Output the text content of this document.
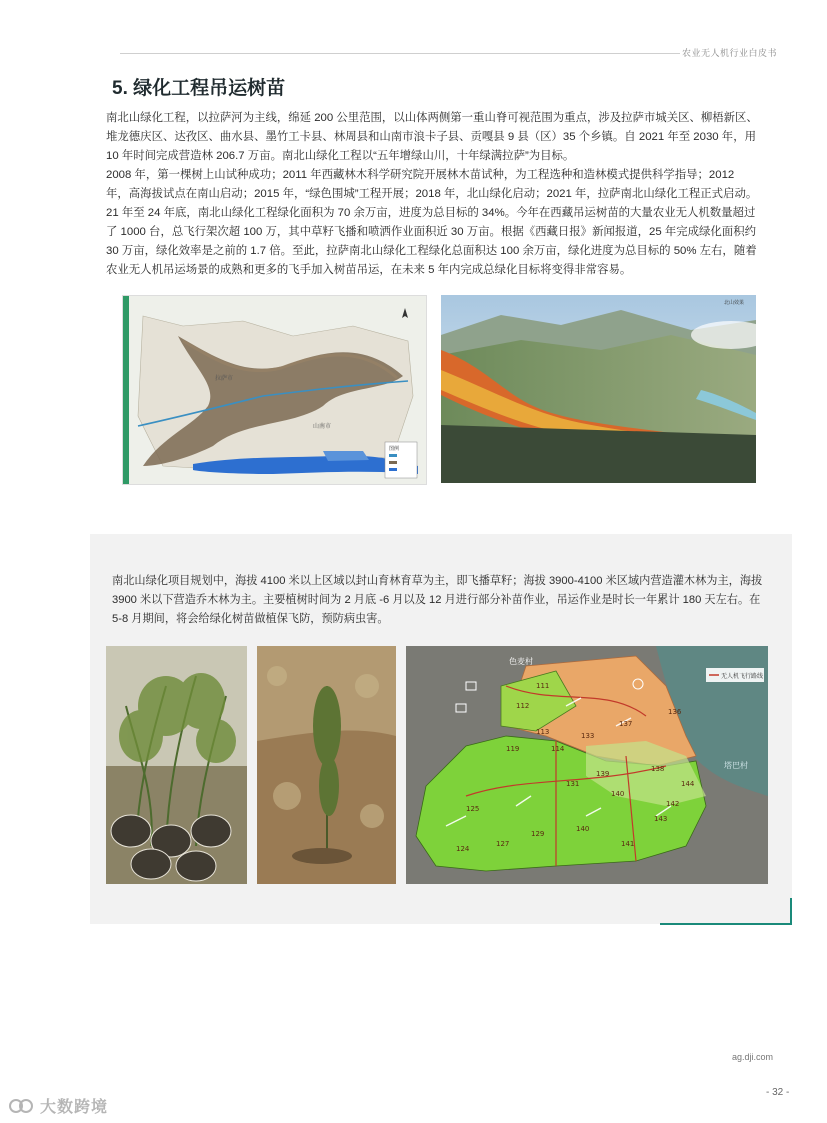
农业无人机行业白皮书
5. 绿化工程吊运树苗

南北山绿化工程，以拉萨河为主线，绵延 200 公里范围，以山体两侧第一重山脊可视范围为重点，涉及拉萨市城关区、柳梧新区、堆龙德庆区、达孜区、曲水县、墨竹工卡县、林周县和山南市浪卡子县、贡嘎县 9 县（区）35 个乡镇。自 2021 年至 2030 年，用 10 年时间完成营造林 206.7 万亩。南北山绿化工程以“五年增绿山川，十年绿满拉萨”为目标。

2008 年，第一棵树上山试种成功；2011 年西藏林木科学研究院开展林木苗试种，为工程选种和造林模式提供科学指导；2012 年，高海拔试点在南山启动；2015 年，“绿色围城”工程开展；2018 年，北山绿化启动；2021 年，拉萨南北山绿化工程正式启动。

21 年至 24 年底，南北山绿化工程绿化面积为 70 余万亩，进度为总目标的 34%。今年在西藏吊运树苗的大量农业无人机数量超过了 1000 台，总飞行架次超 100 万，其中草籽飞播和喷洒作业面积近 30 万亩。根据《西藏日报》新闻报道，25 年完成绿化面积约 30 万亩，绿化效率是之前的 1.7 倍。至此，拉萨南北山绿化工程绿化总面积达 100 余万亩，绿化进度为总目标的 50% 左右，随着农业无人机吊运场景的成熟和更多的飞手加入树苗吊运，在未来 5 年内完成总绿化目标将变得非常容易。

拉萨市
山南市
图例
北山效果

南北山绿化项目规划中，海拔 4100 米以上区域以封山育林育草为主，即飞播草籽；海拔 3900-4100 米区域内营造灌木林为主，海拔 3900 米以下营造乔木林为主。主要植树时间为 2 月底 -6 月以及 12 月进行部分补苗作业，吊运作业是时长一年累计 180 天左右。在 5-8 月期间，将会给绿化树苗做植保飞防，预防病虫害。

111
112
113
114
119
133
137
136
138
139
140
131
140
141
129
127
124
125
142
143
144
色麦村
塔巴村
无人机飞行路线
ag.dji.com
- 32 -
大数跨境
